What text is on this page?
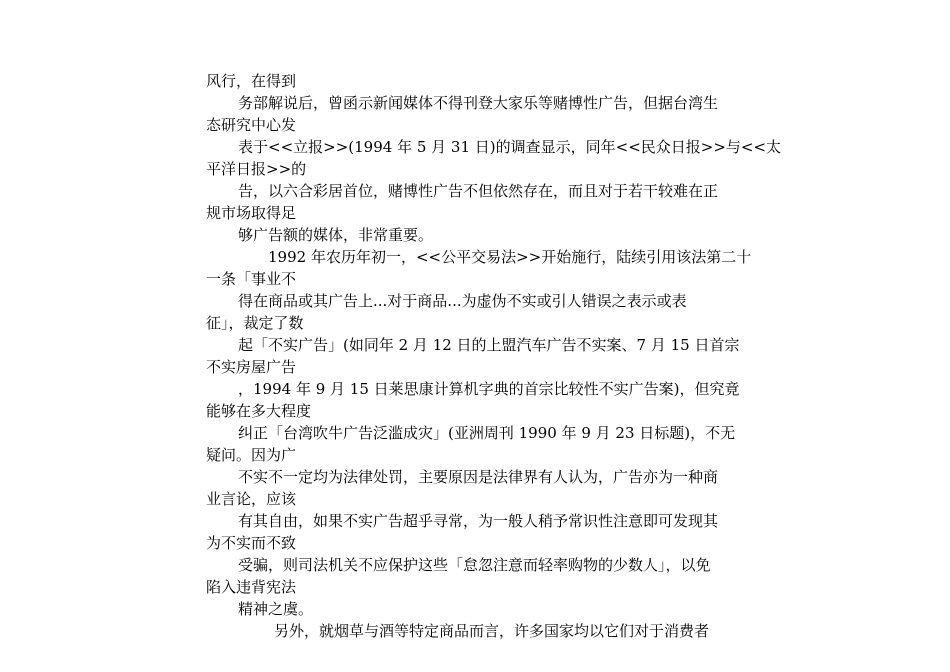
风行，在得到
务部解说后，曾函示新闻媒体不得刊登大家乐等赌博性广告，但据台湾生
态研究中心发
表于<<立报>>(1994 年 5 月 31 日)的调查显示，同年<<民众日报>>与<<太
平洋日报>>的
告，以六合彩居首位，赌博性广告不但依然存在，而且对于若干较难在正
规市场取得足
够广告额的媒体，非常重要。
1992 年农历年初一，<<公平交易法>>开始施行，陆续引用该法第二十
一条「事业不
得在商品或其广告上...对于商品...为虚伪不实或引人错误之表示或表
征」，裁定了数
起「不实广告」(如同年 2 月 12 日的上盟汽车广告不实案、7 月 15 日首宗
不实房屋广告
，1994 年 9 月 15 日莱思康计算机字典的首宗比较性不实广告案)，但究竟
能够在多大程度
纠正「台湾吹牛广告泛滥成灾」(亚洲周刊 1990 年 9 月 23 日标题)，不无
疑问。因为广
不实不一定均为法律处罚，主要原因是法律界有人认为，广告亦为一种商
业言论，应该
有其自由，如果不实广告超乎寻常，为一般人稍予常识性注意即可发现其
为不实而不致
受骗，则司法机关不应保护这些「怠忽注意而轻率购物的少数人」，以免
陷入违背宪法
精神之虞。
另外，就烟草与酒等特定商品而言，许多国家均以它们对于消费者
